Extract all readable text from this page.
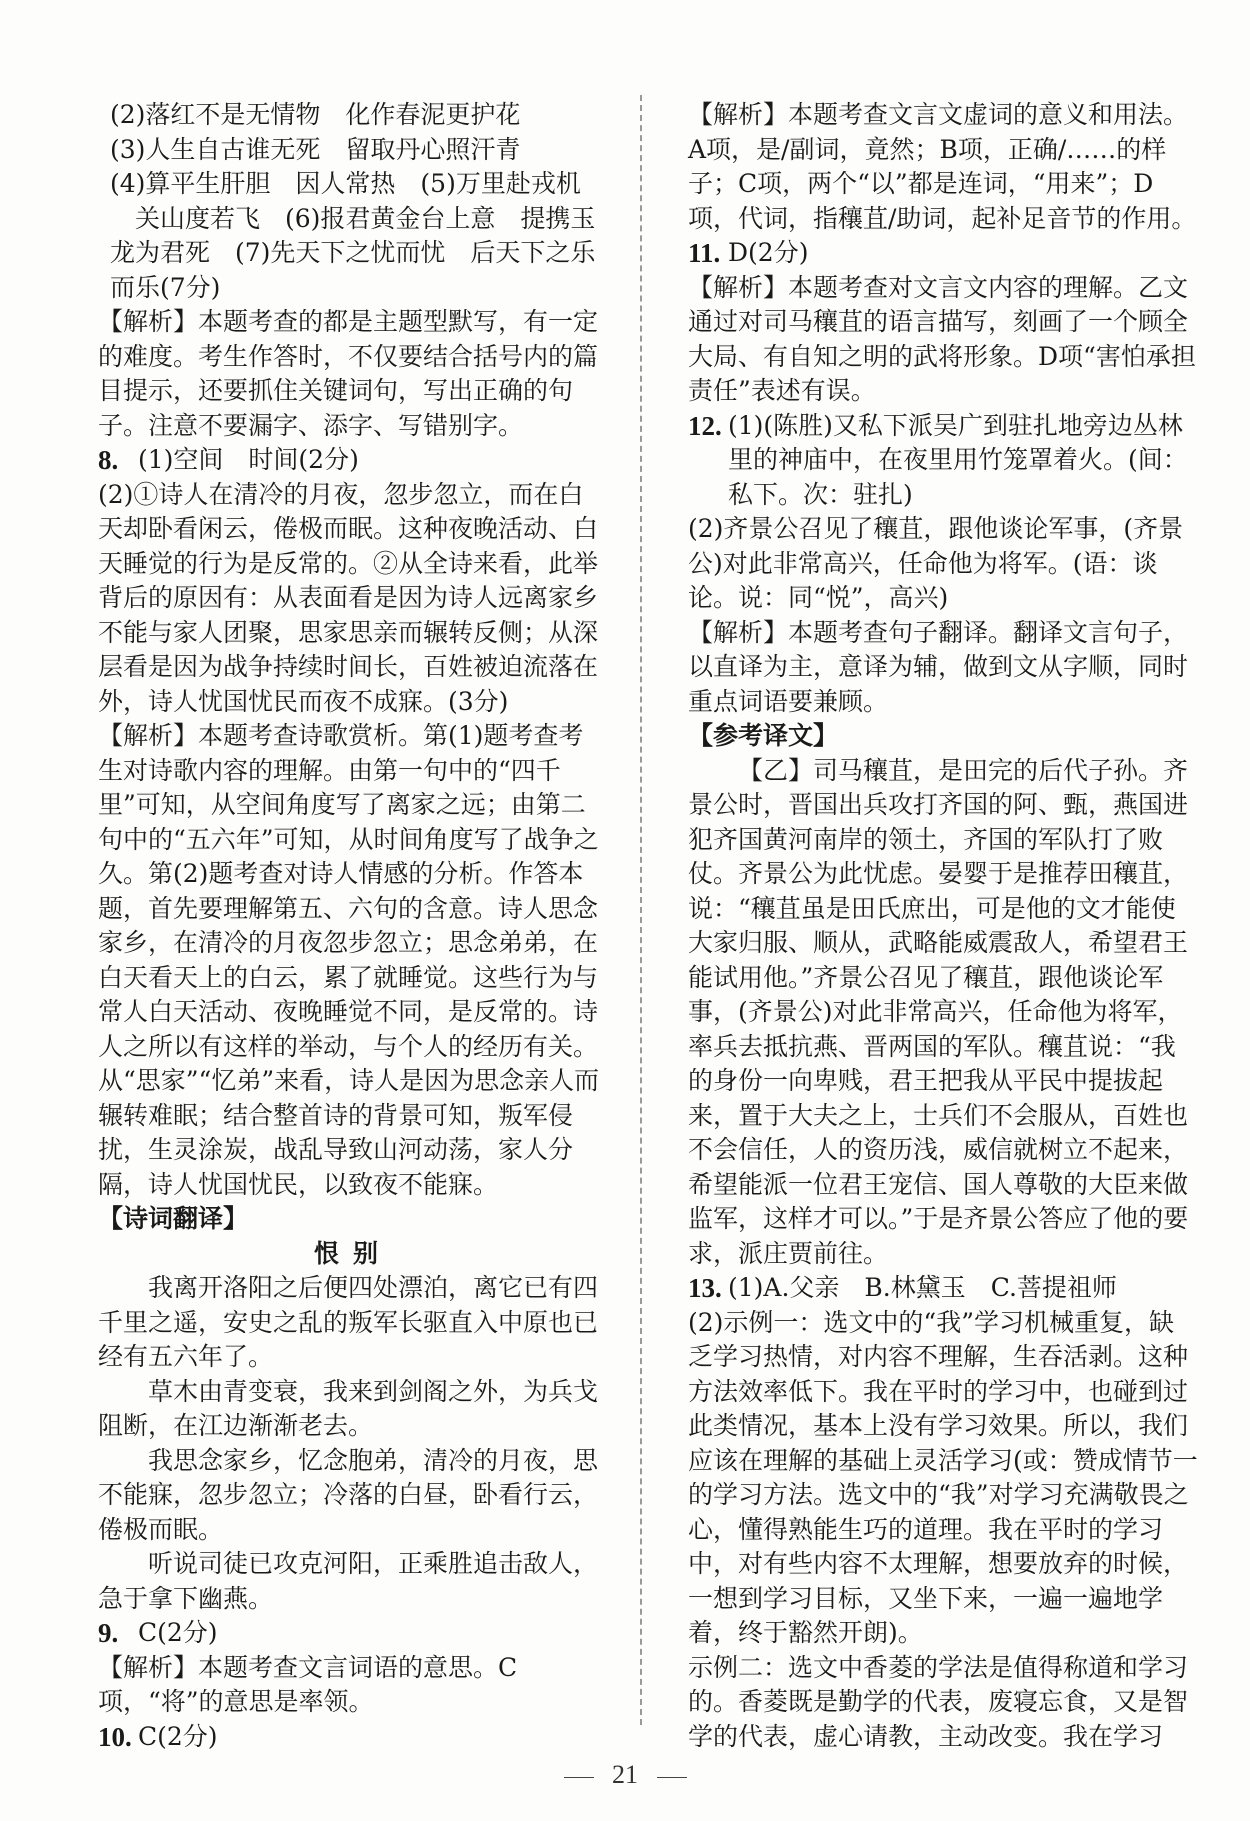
(2)落红不是无情物　化作春泥更护花

(3)人生自古谁无死　留取丹心照汗青

(4)算平生肝胆　因人常热　(5)万里赴戎机

　关山度若飞　(6)报君黄金台上意　提携玉

龙为君死　(7)先天下之忧而忧　后天下之乐

而乐(7分)

【解析】本题考查的都是主题型默写，有一定的难度。考生作答时，不仅要结合括号内的篇目提示，还要抓住关键词句，写出正确的句子。注意不要漏字、添字、写错别字。

8. (1)空间　时间(2分)

(2)①诗人在清冷的月夜，忽步忽立，而在白天却卧看闲云，倦极而眠。这种夜晚活动、白天睡觉的行为是反常的。②从全诗来看，此举背后的原因有：从表面看是因为诗人远离家乡不能与家人团聚，思家思亲而辗转反侧；从深层看是因为战争持续时间长，百姓被迫流落在外，诗人忧国忧民而夜不成寐。(3分)

【解析】本题考查诗歌赏析。第(1)题考查考生对诗歌内容的理解。由第一句中的“四千里”可知，从空间角度写了离家之远；由第二句中的“五六年”可知，从时间角度写了战争之久。第(2)题考查对诗人情感的分析。作答本题，首先要理解第五、六句的含意。诗人思念家乡，在清冷的月夜忽步忽立；思念弟弟，在白天看天上的白云，累了就睡觉。这些行为与常人白天活动、夜晚睡觉不同，是反常的。诗人之所以有这样的举动，与个人的经历有关。从“思家”“忆弟”来看，诗人是因为思念亲人而辗转难眠；结合整首诗的背景可知，叛军侵扰，生灵涂炭，战乱导致山河动荡，家人分隔，诗人忧国忧民，以致夜不能寐。

【诗词翻译】

恨别

我离开洛阳之后便四处漂泊，离它已有四千里之遥，安史之乱的叛军长驱直入中原也已经有五六年了。

草木由青变衰，我来到剑阁之外，为兵戈阻断，在江边渐渐老去。

我思念家乡，忆念胞弟，清冷的月夜，思不能寐，忽步忽立；冷落的白昼，卧看行云，倦极而眠。

听说司徒已攻克河阳，正乘胜追击敌人，急于拿下幽燕。

9. C(2分)

【解析】本题考查文言词语的意思。C项，“将”的意思是率领。

10. C(2分)

【解析】本题考查文言文虚词的意义和用法。A项，是/副词，竟然；B项，正确/……的样子；C项，两个“以”都是连词，“用来”；D项，代词，指穰苴/助词，起补足音节的作用。

11. D(2分)

【解析】本题考查对文言文内容的理解。乙文通过对司马穰苴的语言描写，刻画了一个顾全大局、有自知之明的武将形象。D项“害怕承担责任”表述有误。

12. (1)(陈胜)又私下派吴广到驻扎地旁边丛林里的神庙中，在夜里用竹笼罩着火。(间：私下。次：驻扎)

(2)齐景公召见了穰苴，跟他谈论军事，(齐景公)对此非常高兴，任命他为将军。(语：谈论。说：同“悦”，高兴)

【解析】本题考查句子翻译。翻译文言句子，以直译为主，意译为辅，做到文从字顺，同时重点词语要兼顾。

【参考译文】

【乙】司马穰苴，是田完的后代子孙。齐景公时，晋国出兵攻打齐国的阿、甄，燕国进犯齐国黄河南岸的领土，齐国的军队打了败仗。齐景公为此忧虑。晏婴于是推荐田穰苴，说：“穰苴虽是田氏庶出，可是他的文才能使大家归服、顺从，武略能威震敌人，希望君王能试用他。”齐景公召见了穰苴，跟他谈论军事，(齐景公)对此非常高兴，任命他为将军，率兵去抵抗燕、晋两国的军队。穰苴说：“我的身份一向卑贱，君王把我从平民中提拔起来，置于大夫之上，士兵们不会服从，百姓也不会信任，人的资历浅，威信就树立不起来，希望能派一位君王宠信、国人尊敬的大臣来做监军，这样才可以。”于是齐景公答应了他的要求，派庄贾前往。

13. (1)A.父亲　B.林黛玉　C.菩提祖师

(2)示例一：选文中的“我”学习机械重复，缺乏学习热情，对内容不理解，生吞活剥。这种方法效率低下。我在平时的学习中，也碰到过此类情况，基本上没有学习效果。所以，我们应该在理解的基础上灵活学习(或：赞成情节一的学习方法。选文中的“我”对学习充满敬畏之心，懂得熟能生巧的道理。我在平时的学习中，对有些内容不太理解，想要放弃的时候，一想到学习目标，又坐下来，一遍一遍地学着，终于豁然开朗)。

示例二：选文中香菱的学法是值得称道和学习的。香菱既是勤学的代表，废寝忘食，又是智学的代表，虚心请教，主动改变。我在学习

21
